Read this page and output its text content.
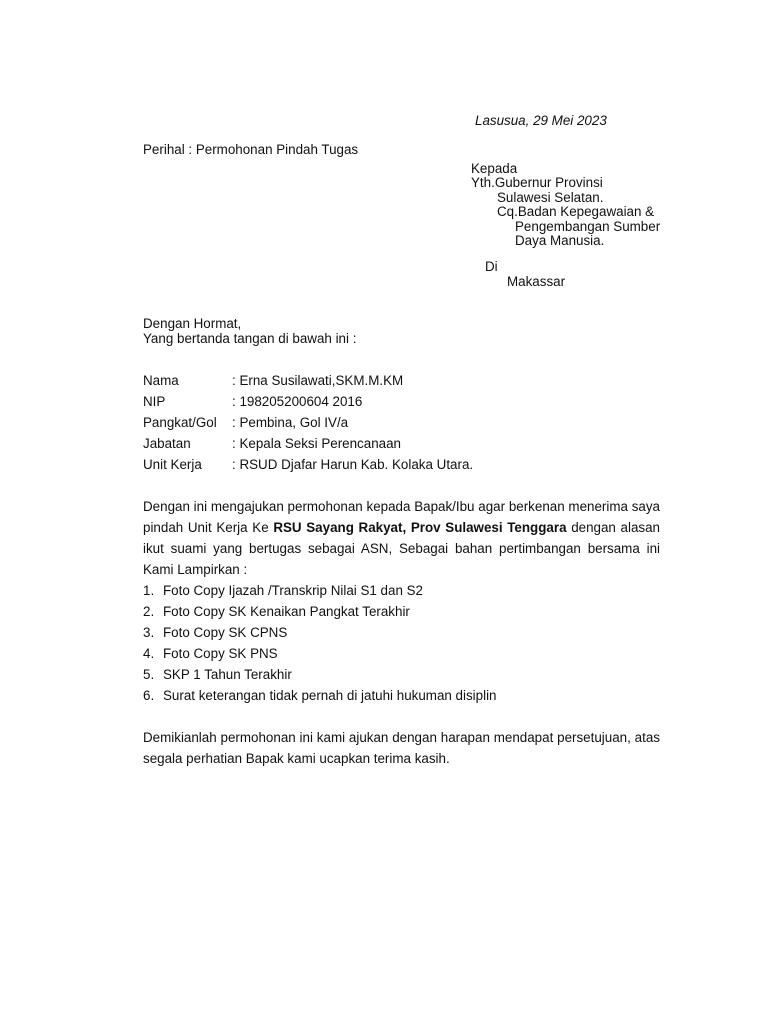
Lasusua, 29 Mei 2023
Perihal : Permohonan Pindah Tugas
Kepada
Yth.Gubernur Provinsi
Sulawesi Selatan.
Cq.Badan Kepegawaian &
Pengembangan Sumber
Daya Manusia.
Di
Makassar
Dengan Hormat,
Yang bertanda tangan di bawah ini :
Nama	: Erna Susilawati,SKM.M.KM
NIP	: 198205200604 2016
Pangkat/Gol	: Pembina, Gol IV/a
Jabatan	: Kepala Seksi Perencanaan
Unit Kerja	: RSUD Djafar Harun Kab. Kolaka Utara.
Dengan ini mengajukan permohonan kepada Bapak/Ibu agar berkenan menerima saya pindah Unit Kerja Ke RSU Sayang Rakyat, Prov Sulawesi Tenggara dengan alasan ikut suami yang bertugas sebagai ASN, Sebagai bahan pertimbangan bersama ini Kami Lampirkan :
1. Foto Copy Ijazah /Transkrip Nilai S1 dan S2
2. Foto Copy SK Kenaikan Pangkat Terakhir
3. Foto Copy SK CPNS
4. Foto Copy SK PNS
5. SKP 1 Tahun Terakhir
6. Surat keterangan tidak pernah di jatuhi hukuman disiplin
Demikianlah permohonan ini kami ajukan dengan harapan mendapat persetujuan, atas segala perhatian Bapak kami ucapkan terima kasih.
